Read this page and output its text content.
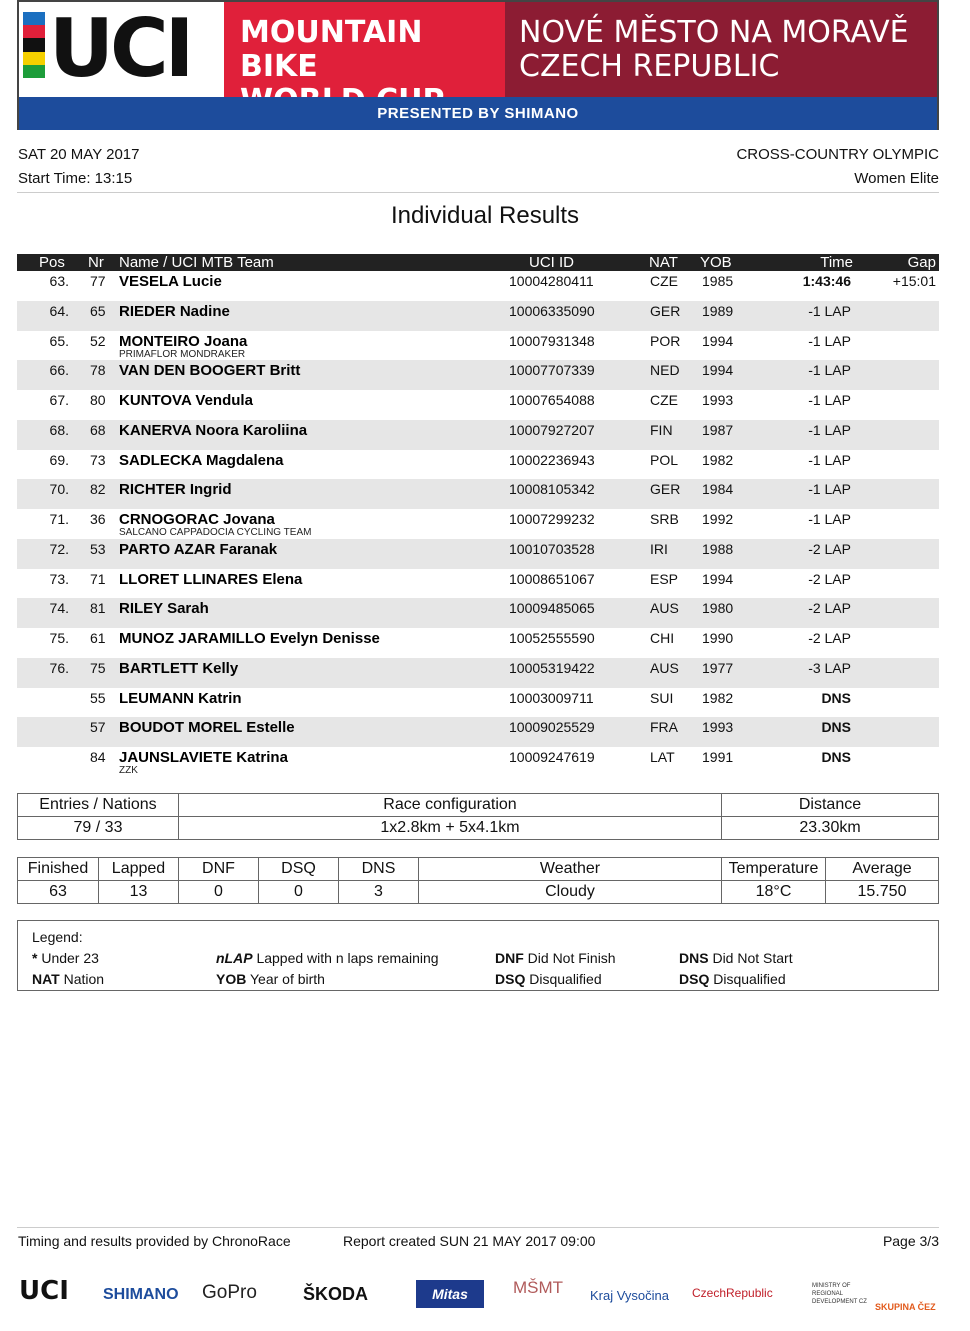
UCI MOUNTAIN BIKE
NOVÉ MĚSTO NA MORAVĚ
CZECH REPUBLIC
PRESENTED BY SHIMANO
SAT 20 MAY 2017
Start Time: 13:15
CROSS-COUNTRY OLYMPIC
Women Elite
Individual Results
Pos Nr Name / UCI MTB Team	UCI ID	NAT YOB	Time	Gap
63. 77 VESELA Lucie	10004280411	CZE 1985	1:43:46	+15:01
64. 65 RIEDER Nadine	10006335090	GER 1989	-1 LAP
65. 52 MONTEIRO Joana	10007931348	POR 1994	-1 LAP
PRIMAFLOR MONDRAKER
66. 78 VAN DEN BOOGERT Britt	10007707339	NED 1994	-1 LAP
67. 80 KUNTOVA Vendula	10007654088	CZE 1993	-1 LAP
68. 68 KANERVA Noora Karoliina	10007927207	FIN 1987	-1 LAP
69. 73 SADLECKA Magdalena	10002236943	POL 1982	-1 LAP
70. 82 RICHTER Ingrid	10008105342	GER 1984	-1 LAP
71. 36 CRNOGORAC Jovana	10007299232	SRB 1992	-1 LAP
SALCANO CAPPADOCIA CYCLING TEAM
72. 53 PARTO AZAR Faranak	10010703528	IRI 1988	-2 LAP
73. 71 LLORET LLINARES Elena	10008651067	ESP 1994	-2 LAP
74. 81 RILEY Sarah	10009485065	AUS 1980	-2 LAP
75. 61 MUNOZ JARAMILLO Evelyn Denisse	10052555590	CHI 1990	-2 LAP
76. 75 BARTLETT Kelly	10005319422	AUS 1977	-3 LAP
55 LEUMANN Katrin	10003009711	SUI 1982	DNS
57 BOUDOT MOREL Estelle	10009025529	FRA 1993	DNS
84 JAUNSLAVIETE Katrina	10009247619	LAT 1991	DNS
ZZK
Entries / Nations	Race configuration	Distance
79 / 33	1x2.8km + 5x4.1km	23.30km
Finished	Lapped	DNF	DSQ	DNS	Weather	Temperature	Average
63	13	0	0	3	Cloudy	18°C	15.750
Legend:
* Under 23
NAT Nation
nLAP Lapped with n laps remaining
YOB Year of birth
DNF Did Not Finish
DSQ Disqualified
DNS Did Not Start
DSQ Disqualified
Timing and results provided by ChronoRace	Report created SUN 21 MAY 2017 09:00	Page 3/3
UCI SHIMANO GoPro	ŠKODA	Mitas	MŠMT Kraj Vysočina CzechRepublic	MINISTRY OF REGIONAL DEVELOPMENT CZ SKUPINA ČEZ
